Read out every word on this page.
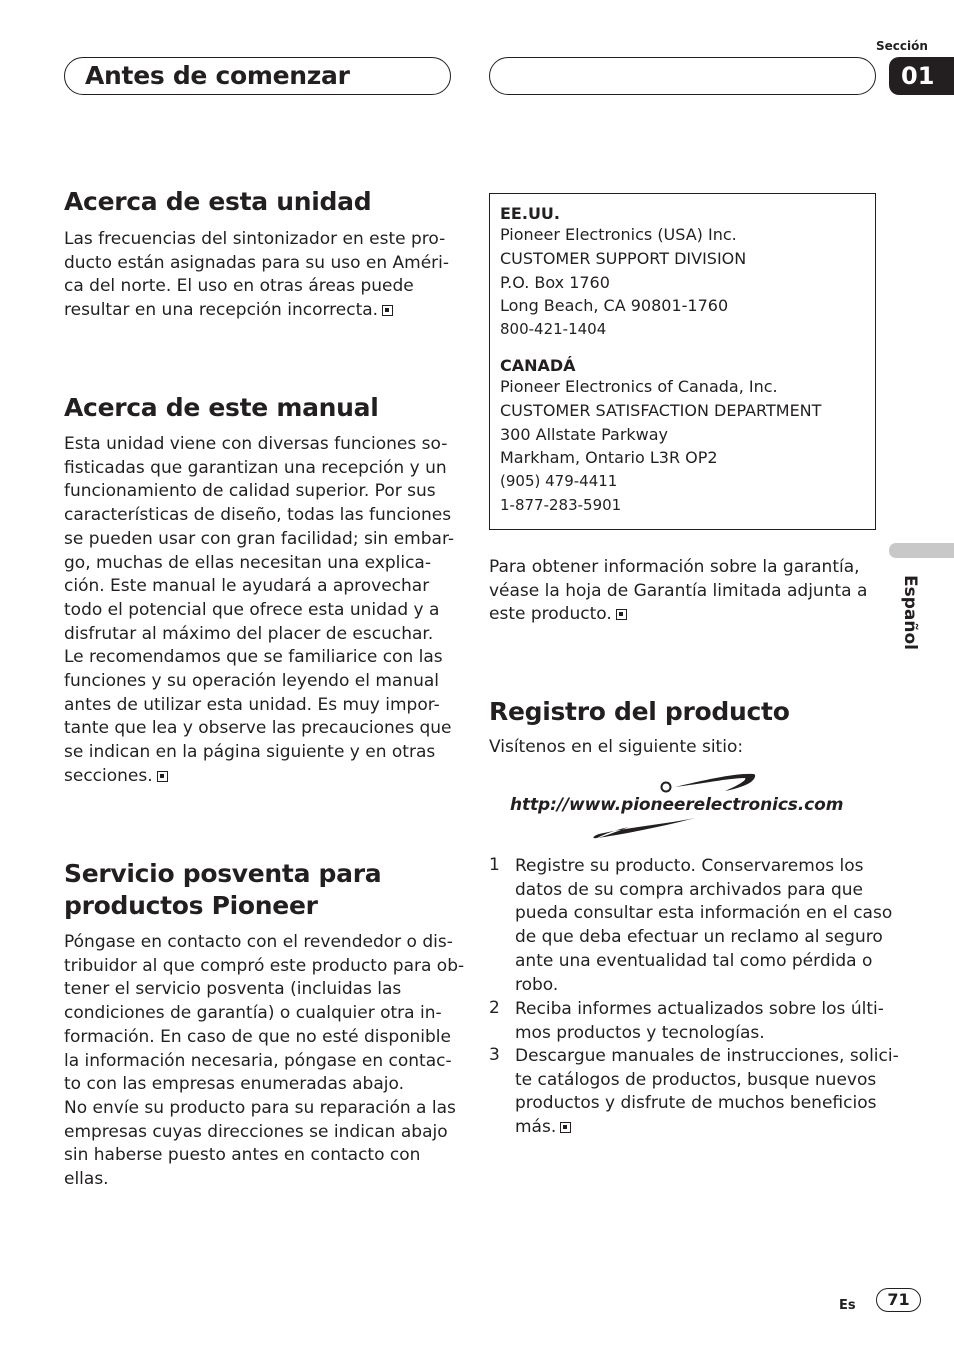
Antes de comenzar
Sección
01
Acerca de esta unidad
Las frecuencias del sintonizador en este pro-
ducto están asignadas para su uso en Améri-
ca del norte. El uso en otras áreas puede
resultar en una recepción incorrecta.
Acerca de este manual
Esta unidad viene con diversas funciones so-
fisticadas que garantizan una recepción y un
funcionamiento de calidad superior. Por sus
características de diseño, todas las funciones
se pueden usar con gran facilidad; sin embar-
go, muchas de ellas necesitan una explica-
ción. Este manual le ayudará a aprovechar
todo el potencial que ofrece esta unidad y a
disfrutar al máximo del placer de escuchar.
Le recomendamos que se familiarice con las
funciones y su operación leyendo el manual
antes de utilizar esta unidad. Es muy impor-
tante que lea y observe las precauciones que
se indican en la página siguiente y en otras
secciones.
Servicio posventa para
productos Pioneer
Póngase en contacto con el revendedor o dis-
tribuidor al que compró este producto para ob-
tener el servicio posventa (incluidas las
condiciones de garantía) o cualquier otra in-
formación. En caso de que no esté disponible
la información necesaria, póngase en contac-
to con las empresas enumeradas abajo.
No envíe su producto para su reparación a las
empresas cuyas direcciones se indican abajo
sin haberse puesto antes en contacto con
ellas.
EE.UU.
Pioneer Electronics (USA) Inc.
CUSTOMER SUPPORT DIVISION
P.O. Box 1760
Long Beach, CA 90801-1760
800-421-1404
CANADÁ
Pioneer Electronics of Canada, Inc.
CUSTOMER SATISFACTION DEPARTMENT
300 Allstate Parkway
Markham, Ontario L3R OP2
(905) 479-4411
1-877-283-5901
Para obtener información sobre la garantía,
véase la hoja de Garantía limitada adjunta a
este producto.
Registro del producto
Visítenos en el siguiente sitio:
http://www.pioneerelectronics.com
1 Registre su producto. Conservaremos los
datos de su compra archivados para que
pueda consultar esta información en el caso
de que deba efectuar un reclamo al seguro
ante una eventualidad tal como pérdida o
robo.
2 Reciba informes actualizados sobre los últi-
mos productos y tecnologías.
3 Descargue manuales de instrucciones, solici-
te catálogos de productos, busque nuevos
productos y disfrute de muchos beneficios
más.
Español
Es	71
